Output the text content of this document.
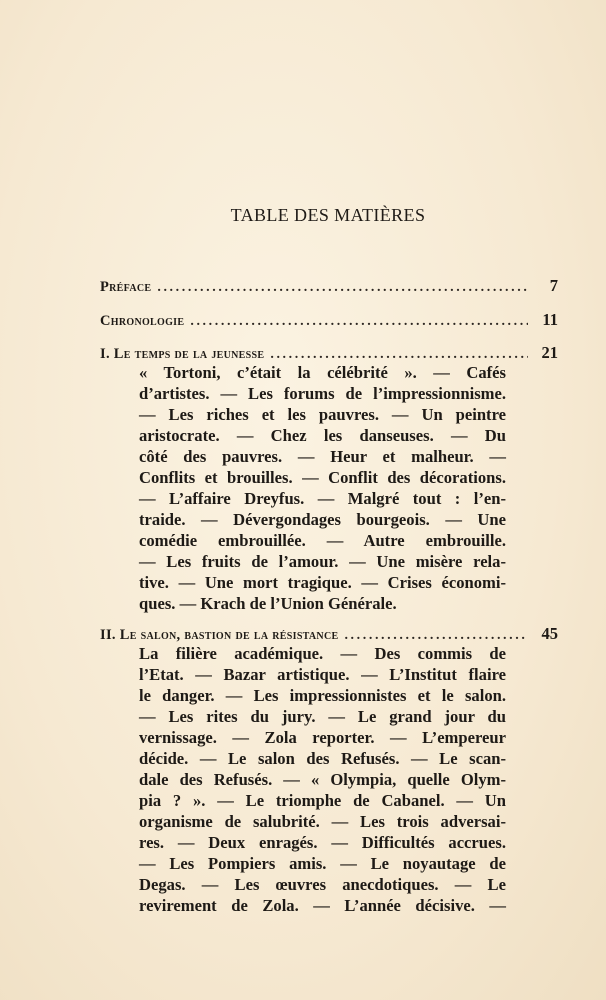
TABLE DES MATIÈRES
Préface .....	7
Chronologie .....	11
I. Le temps de la jeunesse .....	21
« Tortoni, c’était la célébrité ». — Cafés
d’artistes. — Les forums de l’impressionnisme.
— Les riches et les pauvres. — Un peintre
aristocrate. — Chez les danseuses. — Du
côté des pauvres. — Heur et malheur. —
Conflits et brouilles. — Conflit des décorations.
— L’affaire Dreyfus. — Malgré tout : l’en-
traide. — Dévergondages bourgeois. — Une
comédie embrouillée. — Autre embrouille.
— Les fruits de l’amour. — Une misère rela-
tive. — Une mort tragique. — Crises économi-
ques. — Krach de l’Union Générale.
II. Le salon, bastion de la résistance .....	45
La filière académique. — Des commis de
l’Etat. — Bazar artistique. — L’Institut flaire
le danger. — Les impressionnistes et le salon.
— Les rites du jury. — Le grand jour du
vernissage. — Zola reporter. — L’empereur
décide. — Le salon des Refusés. — Le scan-
dale des Refusés. — « Olympia, quelle Olym-
pia ? ». — Le triomphe de Cabanel. — Un
organisme de salubrité. — Les trois adversai-
res. — Deux enragés. — Difficultés accrues.
— Les Pompiers amis. — Le noyautage de
Degas. — Les œuvres anecdotiques. — Le
revirement de Zola. — L’année décisive. —
